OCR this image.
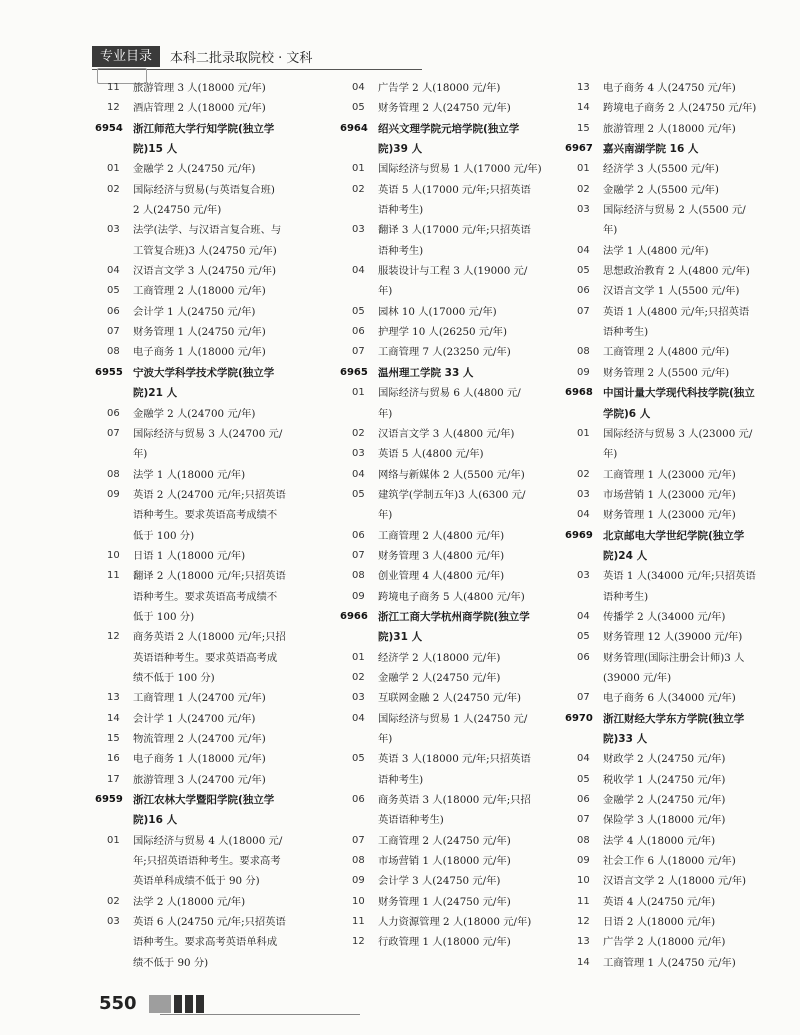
专业目录	本科二批录取院校 · 文科
11	旅游管理 3 人(18000 元/年)
12	酒店管理 2 人(18000 元/年)
6954 浙江师范大学行知学院(独立学
院)15 人
01	金融学 2 人(24750 元/年)
02	国际经济与贸易(与英语复合班)
2 人(24750 元/年)
03	法学(法学、与汉语言复合班、与
工管复合班)3 人(24750 元/年)
04	汉语言文学 3 人(24750 元/年)
05	工商管理 2 人(18000 元/年)
06	会计学 1 人(24750 元/年)
07	财务管理 1 人(24750 元/年)
08	电子商务 1 人(18000 元/年)
6955 宁波大学科学技术学院(独立学
院)21 人
06	金融学 2 人(24700 元/年)
07	国际经济与贸易 3 人(24700 元/
年)
08	法学 1 人(18000 元/年)
09	英语 2 人(24700 元/年;只招英语
语种考生。要求英语高考成绩不
低于 100 分)
10	日语 1 人(18000 元/年)
11	翻译 2 人(18000 元/年;只招英语
语种考生。要求英语高考成绩不
低于 100 分)
12	商务英语 2 人(18000 元/年;只招
英语语种考生。要求英语高考成
绩不低于 100 分)
13	工商管理 1 人(24700 元/年)
14	会计学 1 人(24700 元/年)
15	物流管理 2 人(24700 元/年)
16	电子商务 1 人(18000 元/年)
17	旅游管理 3 人(24700 元/年)
6959 浙江农林大学暨阳学院(独立学
院)16 人
01	国际经济与贸易 4 人(18000 元/
年;只招英语语种考生。要求高考
英语单科成绩不低于 90 分)
02	法学 2 人(18000 元/年)
03	英语 6 人(24750 元/年;只招英语
语种考生。要求高考英语单科成
绩不低于 90 分)
04	广告学 2 人(18000 元/年)
05	财务管理 2 人(24750 元/年)
6964 绍兴文理学院元培学院(独立学
院)39 人
01	国际经济与贸易 1 人(17000 元/年)
02	英语 5 人(17000 元/年;只招英语
语种考生)
03	翻译 3 人(17000 元/年;只招英语
语种考生)
04	服装设计与工程 3 人(19000 元/
年)
05	园林 10 人(17000 元/年)
06	护理学 10 人(26250 元/年)
07	工商管理 7 人(23250 元/年)
6965 温州理工学院 33 人
01	国际经济与贸易 6 人(4800 元/
年)
02	汉语言文学 3 人(4800 元/年)
03	英语 5 人(4800 元/年)
04	网络与新媒体 2 人(5500 元/年)
05	建筑学(学制五年)3 人(6300 元/
年)
06	工商管理 2 人(4800 元/年)
07	财务管理 3 人(4800 元/年)
08	创业管理 4 人(4800 元/年)
09	跨境电子商务 5 人(4800 元/年)
6966 浙江工商大学杭州商学院(独立学
院)31 人
01	经济学 2 人(18000 元/年)
02	金融学 2 人(24750 元/年)
03	互联网金融 2 人(24750 元/年)
04	国际经济与贸易 1 人(24750 元/
年)
05	英语 3 人(18000 元/年;只招英语
语种考生)
06	商务英语 3 人(18000 元/年;只招
英语语种考生)
07	工商管理 2 人(24750 元/年)
08	市场营销 1 人(18000 元/年)
09	会计学 3 人(24750 元/年)
10	财务管理 1 人(24750 元/年)
11	人力资源管理 2 人(18000 元/年)
12	行政管理 1 人(18000 元/年)
13	电子商务 4 人(24750 元/年)
14	跨境电子商务 2 人(24750 元/年)
15	旅游管理 2 人(18000 元/年)
6967 嘉兴南湖学院 16 人
01	经济学 3 人(5500 元/年)
02	金融学 2 人(5500 元/年)
03	国际经济与贸易 2 人(5500 元/
年)
04	法学 1 人(4800 元/年)
05	思想政治教育 2 人(4800 元/年)
06	汉语言文学 1 人(5500 元/年)
07	英语 1 人(4800 元/年;只招英语
语种考生)
08	工商管理 2 人(4800 元/年)
09	财务管理 2 人(5500 元/年)
6968 中国计量大学现代科技学院(独立
学院)6 人
01	国际经济与贸易 3 人(23000 元/
年)
02	工商管理 1 人(23000 元/年)
03	市场营销 1 人(23000 元/年)
04	财务管理 1 人(23000 元/年)
6969 北京邮电大学世纪学院(独立学
院)24 人
03	英语 1 人(34000 元/年;只招英语
语种考生)
04	传播学 2 人(34000 元/年)
05	财务管理 12 人(39000 元/年)
06	财务管理(国际注册会计师)3 人
(39000 元/年)
07	电子商务 6 人(34000 元/年)
6970 浙江财经大学东方学院(独立学
院)33 人
04	财政学 2 人(24750 元/年)
05	税收学 1 人(24750 元/年)
06	金融学 2 人(24750 元/年)
07	保险学 3 人(18000 元/年)
08	法学 4 人(18000 元/年)
09	社会工作 6 人(18000 元/年)
10	汉语言文学 2 人(18000 元/年)
11	英语 4 人(24750 元/年)
12	日语 2 人(18000 元/年)
13	广告学 2 人(18000 元/年)
14	工商管理 1 人(24750 元/年)
550
